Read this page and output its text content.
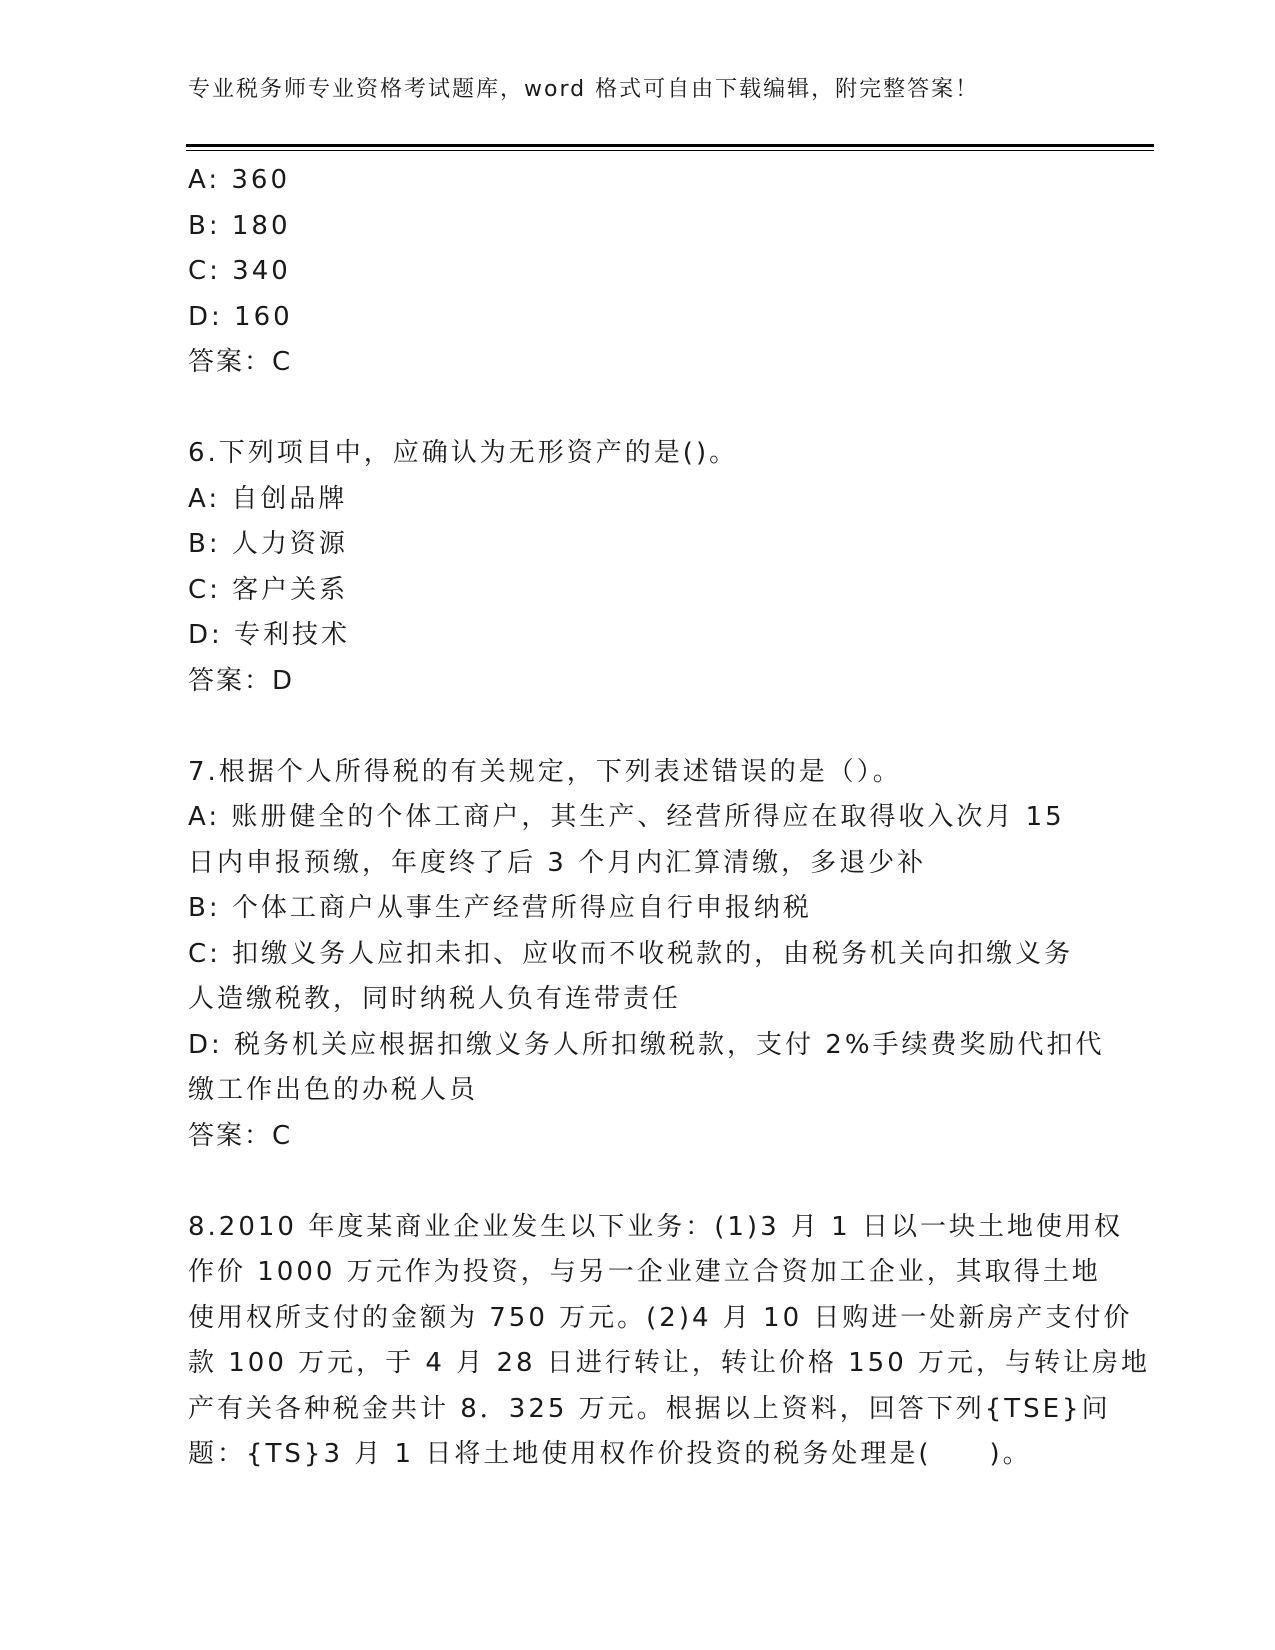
专业税务师专业资格考试题库，word 格式可自由下载编辑，附完整答案！
A: 360
B: 180
C: 340
D: 160
答案：C
6.下列项目中，应确认为无形资产的是()。
A: 自创品牌
B: 人力资源
C: 客户关系
D: 专利技术
答案：D
7.根据个人所得税的有关规定，下列表述错误的是（）。
A: 账册健全的个体工商户，其生产、经营所得应在取得收入次月 15
日内申报预缴，年度终了后 3 个月内汇算清缴，多退少补
B: 个体工商户从事生产经营所得应自行申报纳税
C: 扣缴义务人应扣未扣、应收而不收税款的，由税务机关向扣缴义务
人造缴税教，同时纳税人负有连带责任
D: 税务机关应根据扣缴义务人所扣缴税款，支付 2%手续费奖励代扣代
缴工作出色的办税人员
答案：C
8.2010 年度某商业企业发生以下业务：(1)3 月 1 日以一块土地使用权
作价 1000 万元作为投资，与另一企业建立合资加工企业，其取得土地
使用权所支付的金额为 750 万元。(2)4 月 10 日购进一处新房产支付价
款 100 万元，于 4 月 28 日进行转让，转让价格 150 万元，与转让房地
产有关各种税金共计 8．325 万元。根据以上资料，回答下列{TSE}问
题：{TS}3 月 1 日将土地使用权作价投资的税务处理是(　　)。
